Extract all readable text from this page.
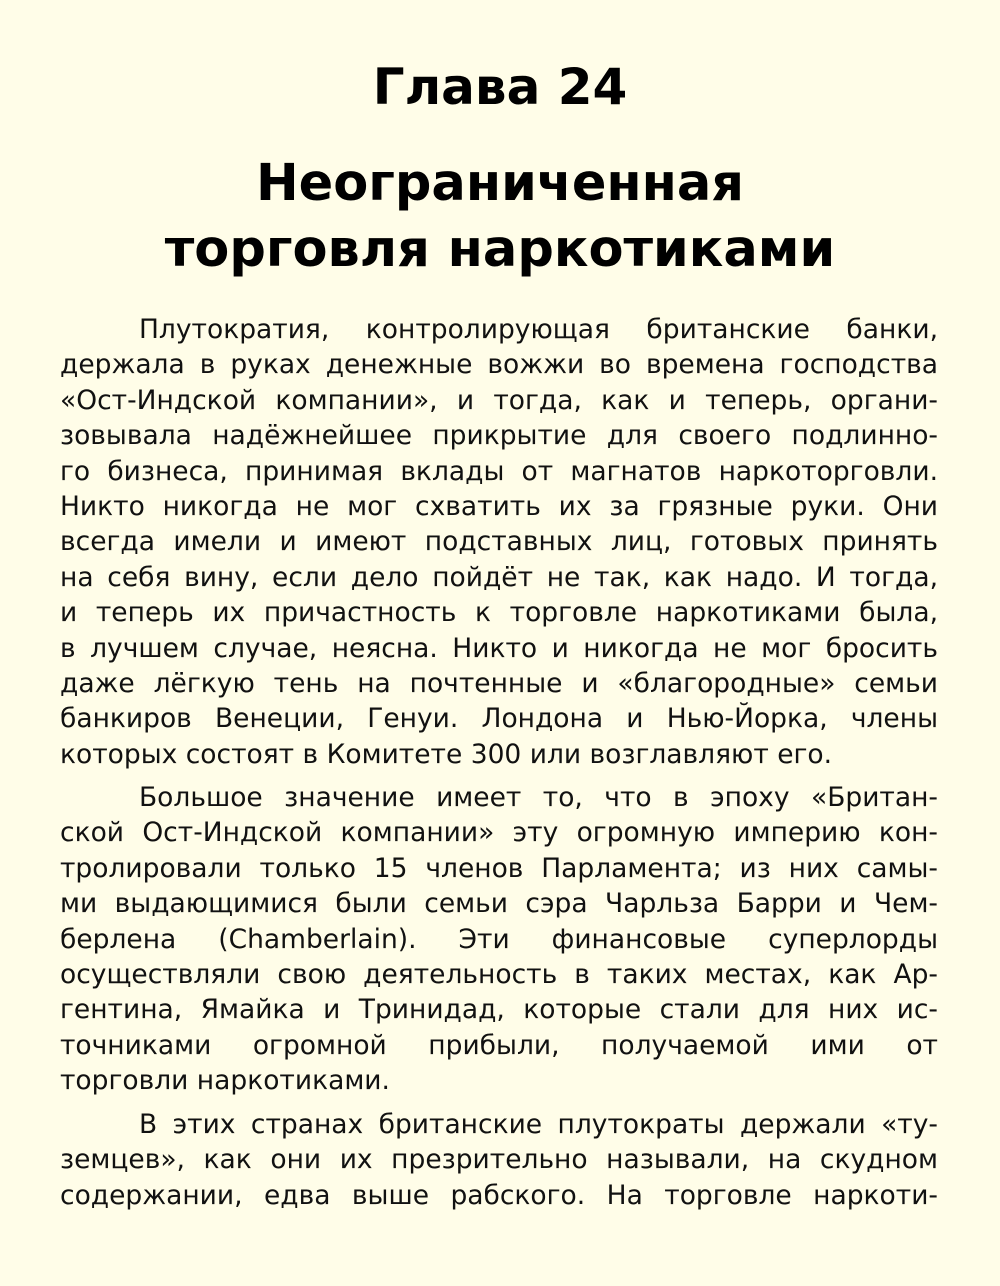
Глава 24
Неограниченная
торговля наркотиками
Плутократия, контролирующая британские банки,
держала в руках денежные вожжи во времена господства
«Ост-Индской компании», и тогда, как и теперь, органи-
зовывала надёжнейшее прикрытие для своего подлинно-
го бизнеса, принимая вклады от магнатов наркоторговли.
Никто никогда не мог схватить их за грязные руки. Они
всегда имели и имеют подставных лиц, готовых принять
на себя вину, если дело пойдёт не так, как надо. И тогда,
и теперь их причастность к торговле наркотиками была,
в лучшем случае, неясна. Никто и никогда не мог бросить
даже лёгкую тень на почтенные и «благородные» семьи
банкиров Венеции, Генуи. Лондона и Нью-Йорка, члены
которых состоят в Комитете 300 или возглавляют его.
Большое значение имеет то, что в эпоху «Британ-
ской Ост-Индской компании» эту огромную империю кон-
тролировали только 15 членов Парламента; из них самы-
ми выдающимися были семьи сэра Чарльза Барри и Чем-
берлена (Chamberlain). Эти финансовые суперлорды
осуществляли свою деятельность в таких местах, как Ар-
гентина, Ямайка и Тринидад, которые стали для них ис-
точниками огромной прибыли, получаемой ими от
торговли наркотиками.
В этих странах британские плутократы держали «ту-
земцев», как они их презрительно называли, на скудном
содержании, едва выше рабского. На торговле наркоти-
